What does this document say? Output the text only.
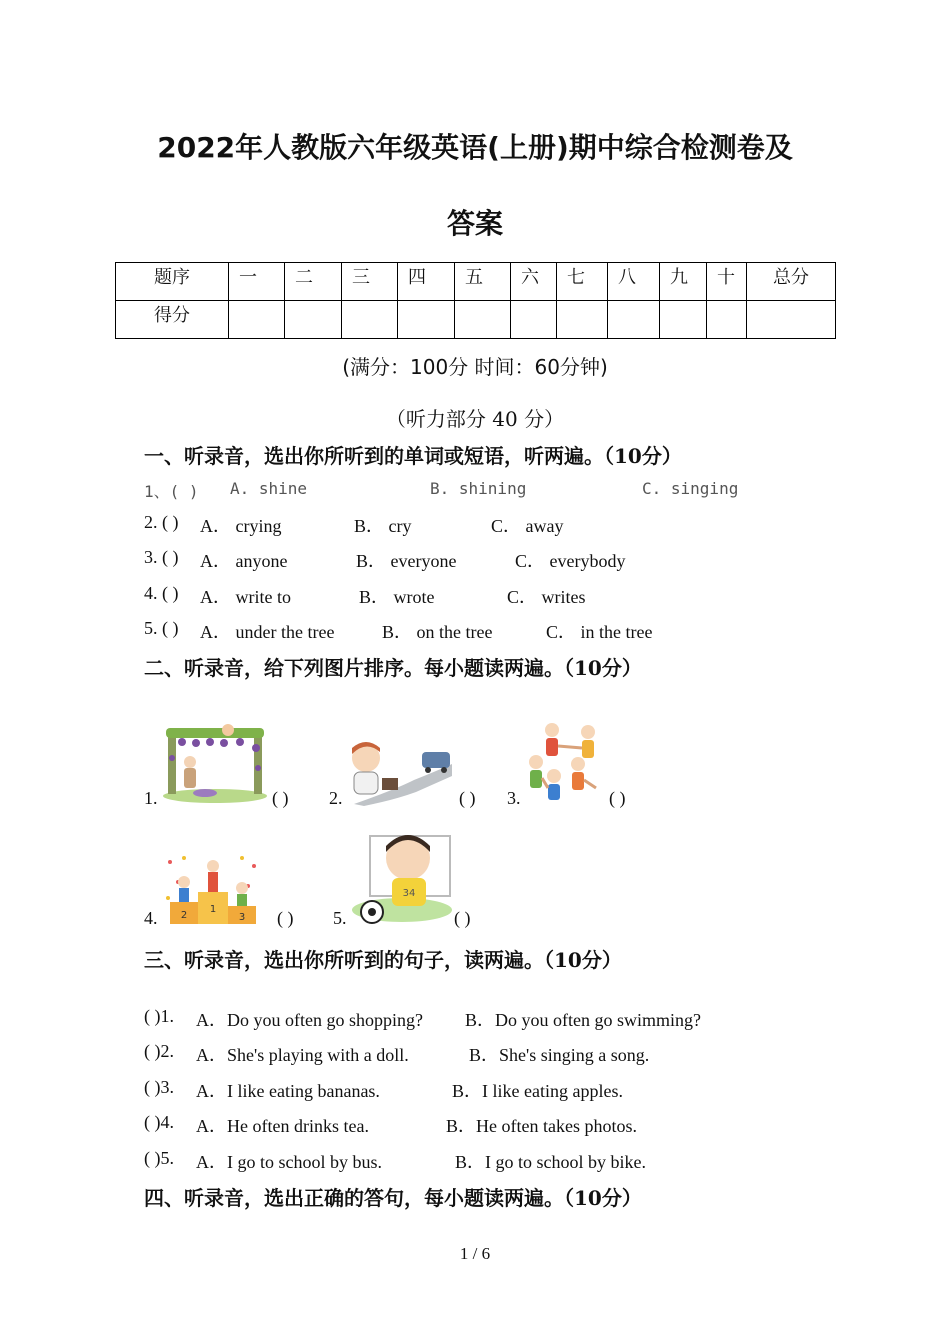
2022年人教版六年级英语(上册)期中综合检测卷及
答案
题序	一	二	三	四	五	六	七	八	九	十	总分
得分											
(满分：100分 时间：60分钟)
（听力部分 40 分）
一、听录音，选出你所听到的单词或短语，听两遍。（10分）
1、( ) A. shine	B. shining	C. singing
2. ( ) A． crying	B． cry	C． away
3. ( ) A． anyone	B． everyone	C． everybody
4. ( ) A． write to	B． wrote	C． writes
5. ( ) A． under the tree	B． on the tree	C． in the tree
二、听录音，给下列图片排序。每小题读两遍。（10分）
1.	( ) 2.	( ) 3.	( )
4. 2
1
3 ( ) 5.
34
( )
三、听录音，选出你所听到的句子，读两遍。（10分）
( )1. A．Do you often go shopping? B．Do you often go swimming?
( )2. A．She's playing with a doll.	B．She's singing a song.
( )3. A．I like eating bananas.	B．I like eating apples.
( )4. A．He often drinks tea.	B．He often takes photos.
( )5. A．I go to school by bus.	B．I go to school by bike.
四、听录音，选出正确的答句，每小题读两遍。（10分）
1 / 6
